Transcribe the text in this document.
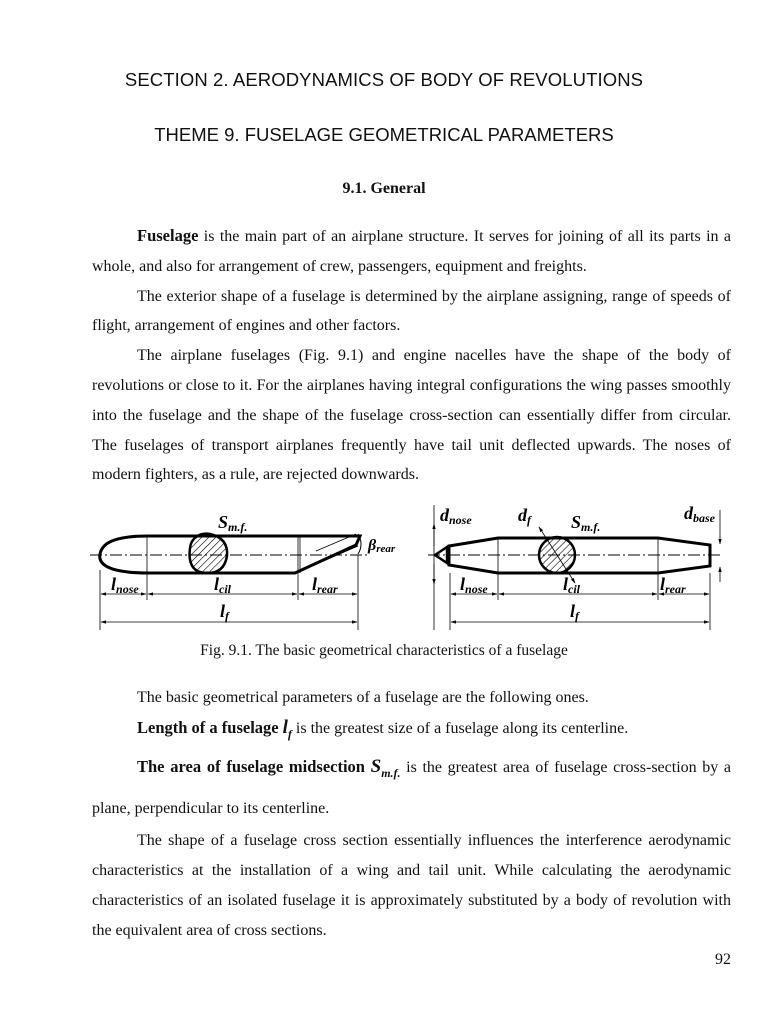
SECTION 2. AERODYNAMICS OF BODY OF REVOLUTIONS
THEME 9. FUSELAGE GEOMETRICAL PARAMETERS
9.1. General

Fuselage is the main part of an airplane structure. It serves for joining of all its parts in a whole, and also for arrangement of crew, passengers, equipment and freights.

The exterior shape of a fuselage is determined by the airplane assigning, range of speeds of flight, arrangement of engines and other factors.

The airplane fuselages (Fig. 9.1) and engine nacelles have the shape of the body of revolutions or close to it. For the airplanes having integral configurations the wing passes smoothly into the fuselage and the shape of the fuselage cross-section can essentially differ from circular. The fuselages of transport airplanes frequently have tail unit deflected upwards. The noses of modern fighters, as a rule, are rejected downwards.

βrear
Sm.f.
lnose	lcil	lrear
lf
dnose	df Sm.f.
dbase
lnose	lcil	lrear
lf
Fig. 9.1. The basic geometrical characteristics of a fuselage

The basic geometrical parameters of a fuselage are the following ones.

Length of a fuselage $l_f$ is the greatest size of a fuselage along its centerline.

The area of fuselage midsection $S_{m.f.}$ is the greatest area of fuselage cross-section by a plane, perpendicular to its centerline.

The shape of a fuselage cross section essentially influences the interference aerodynamic characteristics at the installation of a wing and tail unit. While calculating the aerodynamic characteristics of an isolated fuselage it is approximately substituted by a body of revolution with the equivalent area of cross sections.

92
